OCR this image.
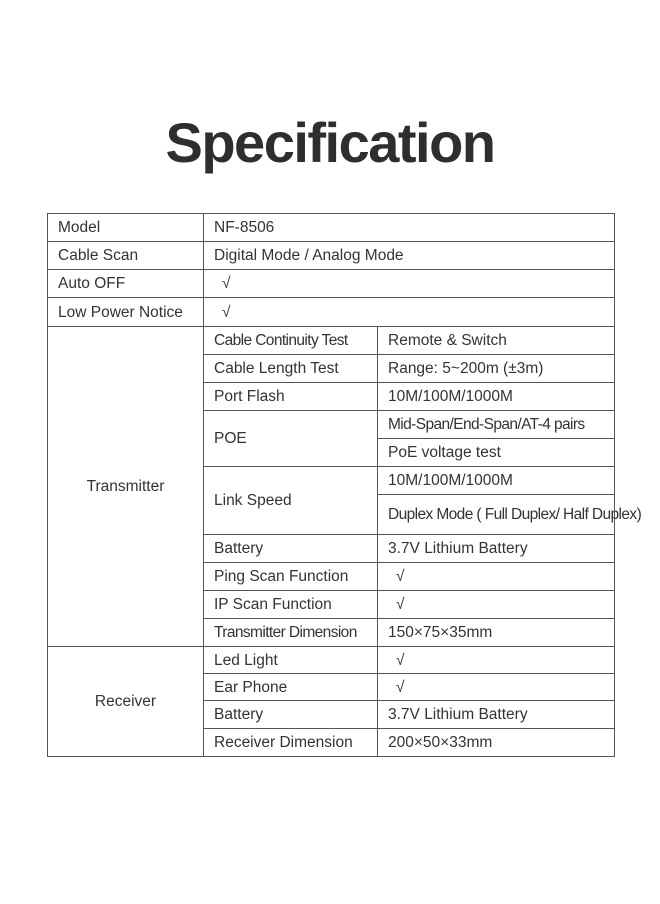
Specification
Model	NF-8506	
Cable Scan	Digital Mode / Analog Mode	
Auto OFF	√	
Low Power Notice	√	
Transmitter	Cable Continuity Test	Remote & Switch
	Cable Length Test	Range: 5~200m (±3m)
	Port Flash	10M/100M/1000M
	POE	Mid-Span/End-Span/AT-4 pairs
		PoE voltage test
	Link Speed	10M/100M/1000M
		Duplex Mode ( Full Duplex/ Half Duplex)
	Battery	3.7V Lithium Battery
	Ping Scan Function	√
	IP Scan Function	√
	Transmitter Dimension	150×75×35mm
Receiver	Led Light	√
	Ear Phone	√
	Battery	3.7V Lithium Battery
	Receiver Dimension	200×50×33mm
